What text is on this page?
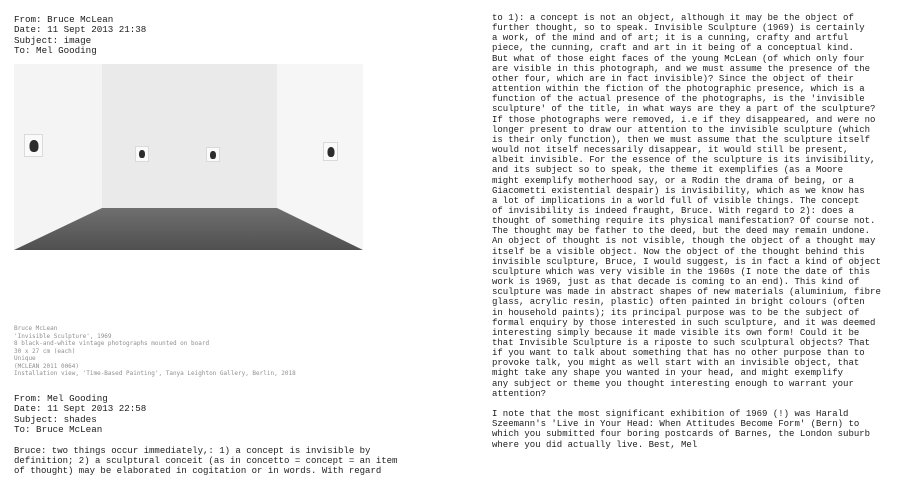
From: Bruce McLean
Date: 11 Sept 2013 21:38
Subject: image
To: Mel Gooding
Bruce McLean
'Invisible Sculpture', 1969
8 black-and-white vintage photographs mounted on board
30 x 27 cm (each)
Unique
(MCLEAN 2011 0064)
Installation view, 'Time-Based Painting', Tanya Leighton Gallery, Berlin, 2018
From: Mel Gooding
Date: 11 Sept 2013 22:58
Subject: shades
To: Bruce McLean
Bruce: two things occur immediately,: 1) a concept is invisible by
definition; 2) a sculptural conceit (as in concetto = concept = an item
of thought) may be elaborated in cogitation or in words. With regard
to 1): a concept is not an object, although it may be the object of
further thought, so to speak. Invisible Sculpture (1969) is certainly
a work, of the mind and of art; it is a cunning, crafty and artful
piece, the cunning, craft and art in it being of a conceptual kind.
But what of those eight faces of the young McLean (of which only four
are visible in this photograph, and we must assume the presence of the
other four, which are in fact invisible)? Since the object of their
attention within the fiction of the photographic presence, which is a
function of the actual presence of the photographs, is the 'invisible
sculpture' of the title, in what ways are they a part of the sculpture?
If those photographs were removed, i.e if they disappeared, and were no
longer present to draw our attention to the invisible sculpture (which
is their only function), then we must assume that the sculpture itself
would not itself necessarily disappear, it would still be present,
albeit invisible. For the essence of the sculpture is its invisibility,
and its subject so to speak, the theme it exemplifies (as a Moore
might exemplify motherhood say, or a Rodin the drama of being, or a
Giacometti existential despair) is invisibility, which as we know has
a lot of implications in a world full of visible things. The concept
of invisibility is indeed fraught, Bruce. With regard to 2): does a
thought of something require its physical manifestation? Of course not.
The thought may be father to the deed, but the deed may remain undone.
An object of thought is not visible, though the object of a thought may
itself be a visible object. Now the object of the thought behind this
invisible sculpture, Bruce, I would suggest, is in fact a kind of object
sculpture which was very visible in the 1960s (I note the date of this
work is 1969, just as that decade is coming to an end). This kind of
sculpture was made in abstract shapes of new materials (aluminium, fibre
glass, acrylic resin, plastic) often painted in bright colours (often
in household paints); its principal purpose was to be the subject of
formal enquiry by those interested in such sculpture, and it was deemed
interesting simply because it made visible its own form! Could it be
that Invisible Sculpture is a riposte to such sculptural objects? That
if you want to talk about something that has no other purpose than to
provoke talk, you might as well start with an invisible object, that
might take any shape you wanted in your head, and might exemplify
any subject or theme you thought interesting enough to warrant your
attention?
I note that the most significant exhibition of 1969 (!) was Harald
Szeemann's 'Live in Your Head: When Attitudes Become Form' (Bern) to
which you submitted four boring postcards of Barnes, the London suburb
where you did actually live. Best, Mel
